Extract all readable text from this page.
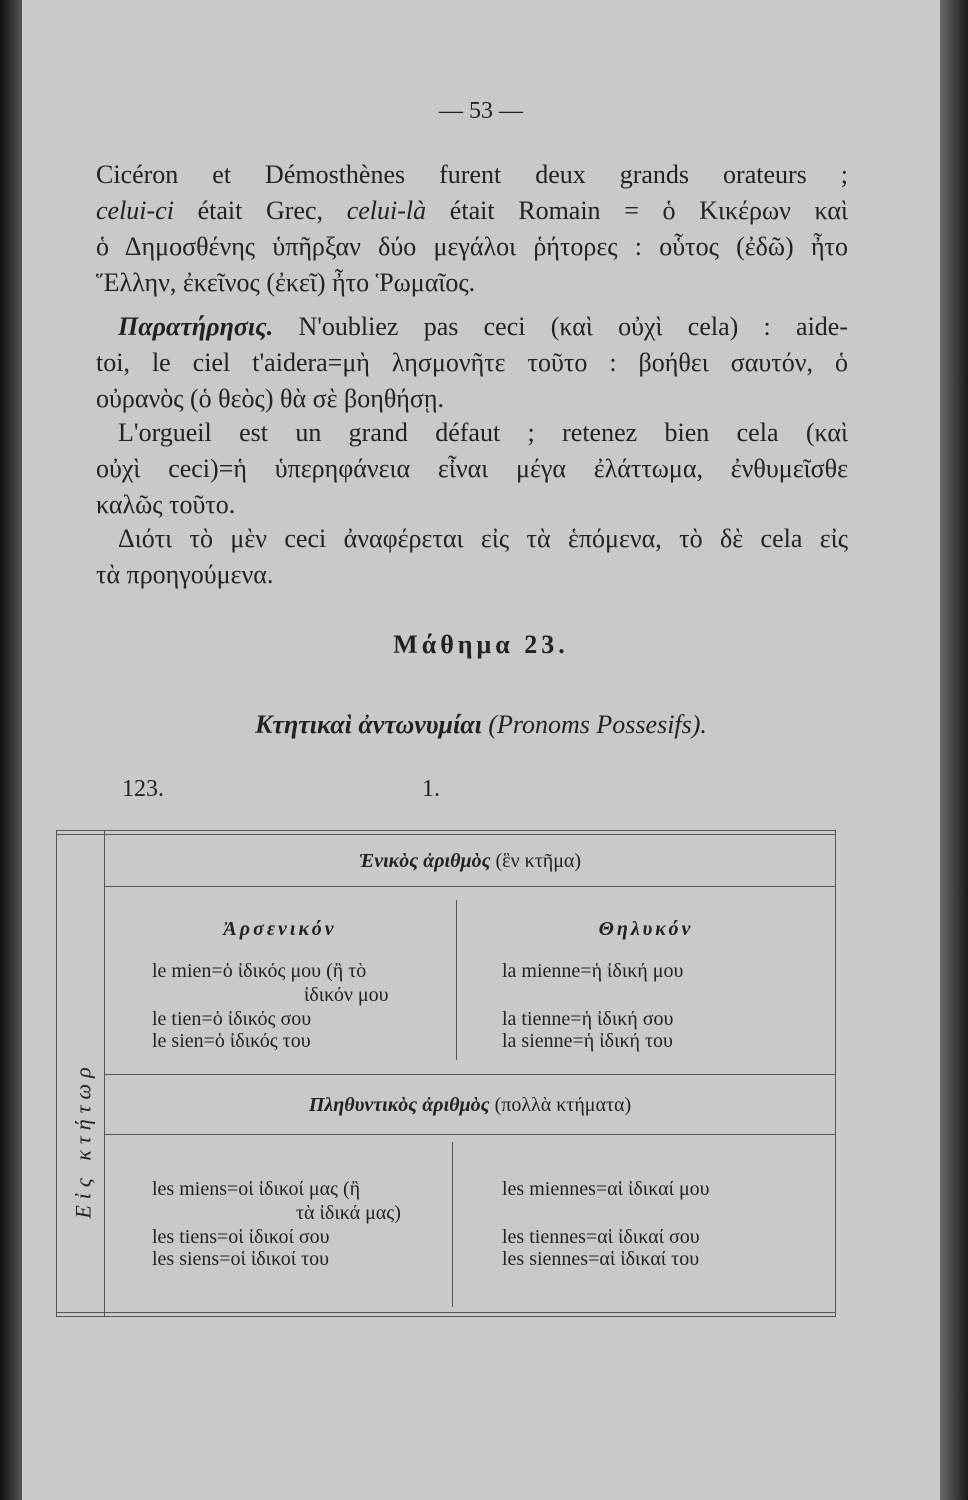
— 53 —
Cicéron et Démosthènes furent deux grands orateurs ;
celui-ci était Grec, celui-là était Romain = ὁ Κικέρων καὶ
ὁ Δημοσθένης ὑπῆρξαν δύο μεγάλοι ῥήτορες : οὗτος (ἐδῶ) ἦτο
Ἕλλην, ἐκεῖνος (ἐκεῖ) ἦτο Ῥωμαῖος.
Παρατήρησις. N'oubliez pas ceci (καὶ οὐχὶ cela) : aide-
toi, le ciel t'aidera=μὴ λησμονῆτε τοῦτο : βοήθει σαυτόν, ὁ
οὐρανὸς (ὁ θεὸς) θὰ σὲ βοηθήσῃ.
L'orgueil est un grand défaut ; retenez bien cela (καὶ
οὐχὶ ceci)=ἡ ὑπερηφάνεια εἶναι μέγα ἐλάττωμα, ἐνθυμεῖσθε
καλῶς τοῦτο.
Διότι τὸ μὲν ceci ἀναφέρεται εἰς τὰ ἑπόμενα, τὸ δὲ cela εἰς
τὰ προηγούμενα.
Μάθημα 23.
Κτητικαὶ ἀντωνυμίαι (Pronoms Possesifs).
123.	1.
Εἰς κτήτωρ
Ἑνικὸς ἀριθμὸς (ἓν κτῆμα)
Ἀρσενικόν	Θηλυκόν
le mien=ὁ ἰδικός μου (ἢ τὸ
ἰδικόν μου
le tien=ὁ ἰδικός σου
le sien=ὁ ἰδικός του
la mienne=ἡ ἰδική μου
la tienne=ἡ ἰδική σου
la sienne=ἡ ἰδική του
Πληθυντικὸς ἀριθμὸς (πολλὰ κτήματα)
les miens=οἱ ἰδικοί μας (ἢ
τὰ ἰδικά μας)
les tiens=οἱ ἰδικοί σου
les siens=οἱ ἰδικοί του
les miennes=αἱ ἰδικαί μου
les tiennes=αἱ ἰδικαί σου
les siennes=αἱ ἰδικαί του
